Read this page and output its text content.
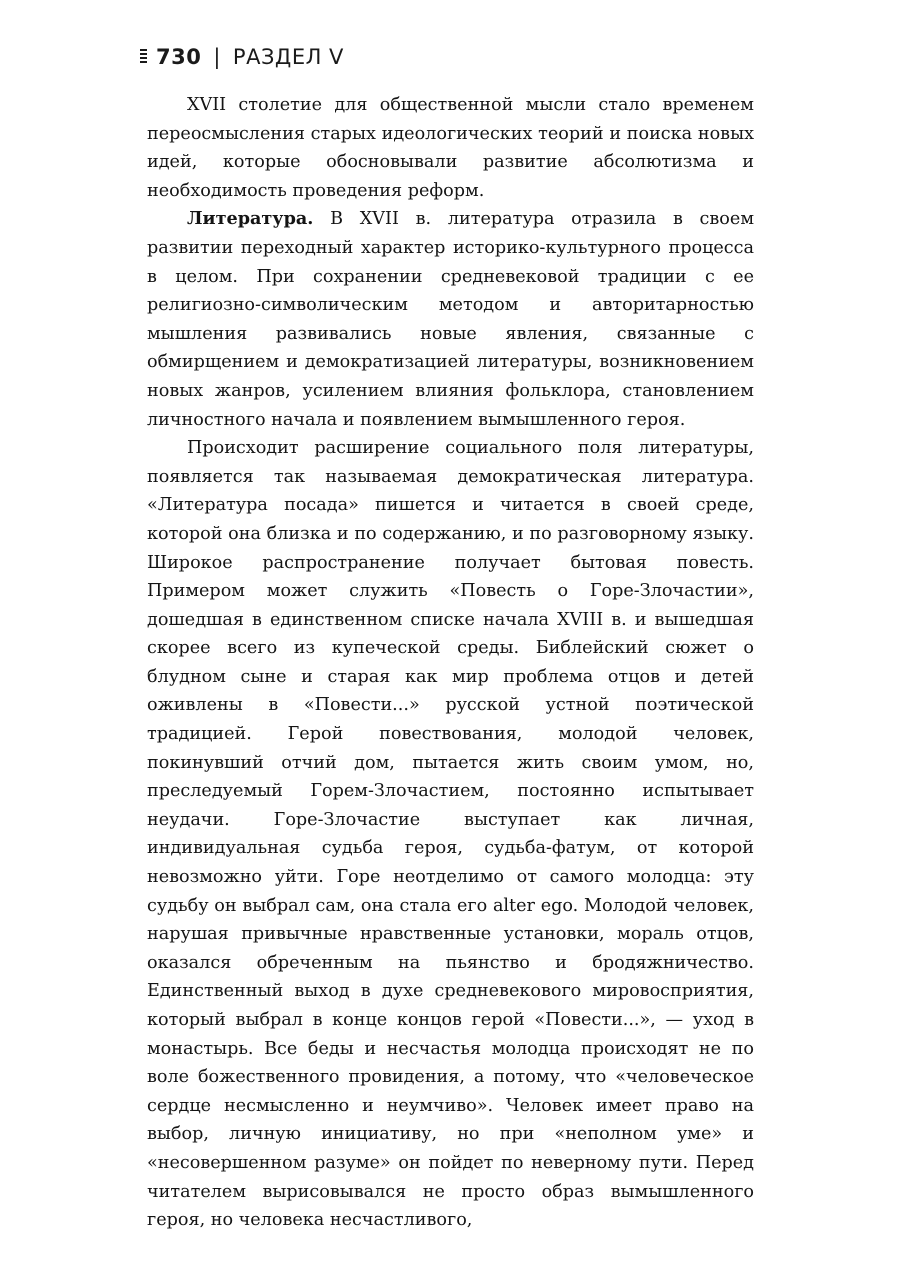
730 | РАЗДЕЛ V

XVII столетие для общественной мысли стало временем переосмысления старых идеологических теорий и поиска новых идей, которые обосновывали развитие абсолютизма и необходимость проведения реформ.

Литература. В XVII в. литература отразила в своем развитии переходный характер историко-культурного процесса в целом. При сохранении средневековой традиции с ее религиозно-символическим методом и авторитарностью мышления развивались новые явления, связанные с обмирщением и демократизацией литературы, возникновением новых жанров, усилением влияния фольклора, становлением личностного начала и появлением вымышленного героя.

Происходит расширение социального поля литературы, появляется так называемая демократическая литература. «Литература посада» пишется и читается в своей среде, которой она близка и по содержанию, и по разговорному языку. Широкое распространение получает бытовая повесть. Примером может служить «Повесть о Горе-Злочастии», дошедшая в единственном списке начала XVIII в. и вышедшая скорее всего из купеческой среды. Библейский сюжет о блудном сыне и старая как мир проблема отцов и детей оживлены в «Повести...» русской устной поэтической традицией. Герой повествования, молодой человек, покинувший отчий дом, пытается жить своим умом, но, преследуемый Горем-Злочастием, постоянно испытывает неудачи. Горе-Злочастие выступает как личная, индивидуальная судьба героя, судьба-фатум, от которой невозможно уйти. Горе неотделимо от самого молодца: эту судьбу он выбрал сам, она стала его alter ego. Молодой человек, нарушая привычные нравственные установки, мораль отцов, оказался обреченным на пьянство и бродяжничество. Единственный выход в духе средневекового мировосприятия, который выбрал в конце концов герой «Повести...», — уход в монастырь. Все беды и несчастья молодца происходят не по воле божественного провидения, а потому, что «человеческое сердце несмысленно и неумчиво». Человек имеет право на выбор, личную инициативу, но при «неполном уме» и «несовершенном разуме» он пойдет по неверному пути. Перед читателем вырисовывался не просто образ вымышленного героя, но человека несчастливого,
